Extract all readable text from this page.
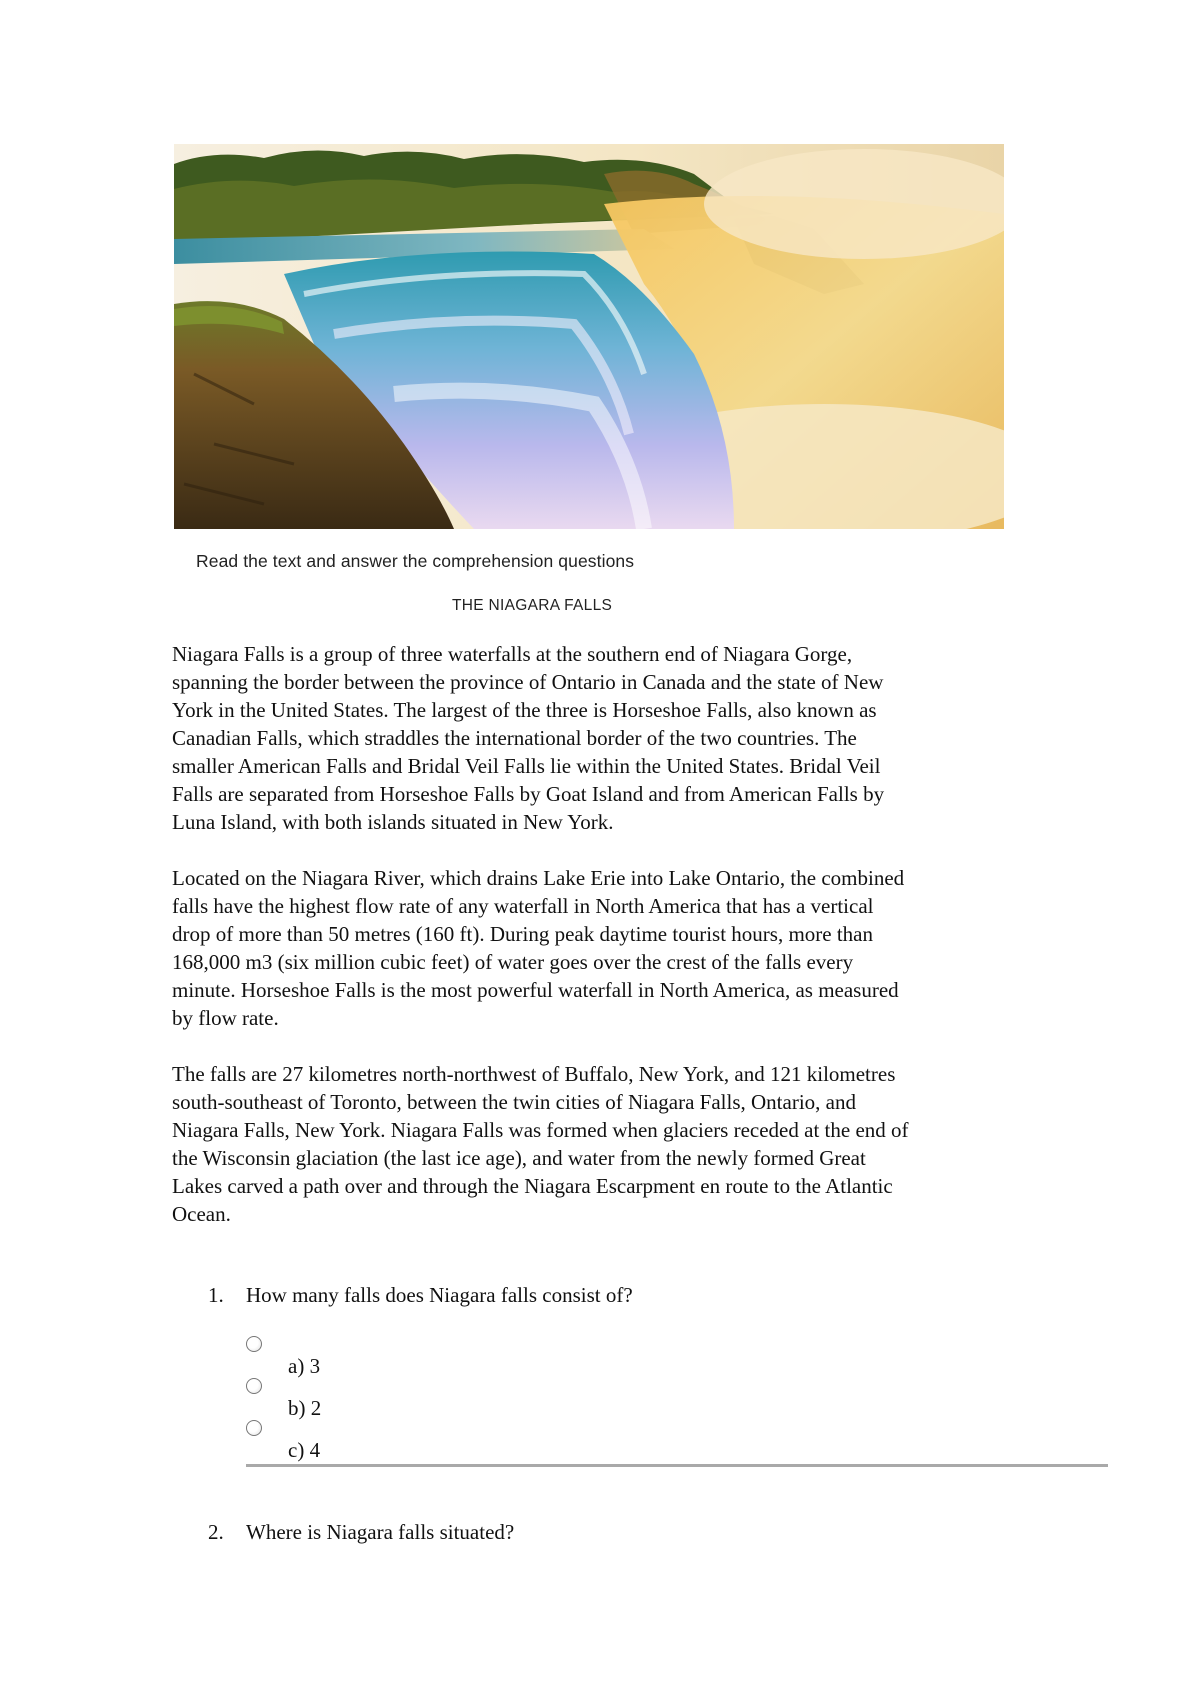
Read the text and answer the comprehension questions
THE NIAGARA FALLS
Niagara Falls is a group of three waterfalls at the southern end of Niagara Gorge,
spanning the border between the province of Ontario in Canada and the state of New
York in the United States. The largest of the three is Horseshoe Falls, also known as
Canadian Falls, which straddles the international border of the two countries. The
smaller American Falls and Bridal Veil Falls lie within the United States. Bridal Veil
Falls are separated from Horseshoe Falls by Goat Island and from American Falls by
Luna Island, with both islands situated in New York.
Located on the Niagara River, which drains Lake Erie into Lake Ontario, the combined
falls have the highest flow rate of any waterfall in North America that has a vertical
drop of more than 50 metres (160 ft). During peak daytime tourist hours, more than
168,000 m3 (six million cubic feet) of water goes over the crest of the falls every
minute. Horseshoe Falls is the most powerful waterfall in North America, as measured
by flow rate.
The falls are 27 kilometres north-northwest of Buffalo, New York, and 121 kilometres
south-southeast of Toronto, between the twin cities of Niagara Falls, Ontario, and
Niagara Falls, New York. Niagara Falls was formed when glaciers receded at the end of
the Wisconsin glaciation (the last ice age), and water from the newly formed Great
Lakes carved a path over and through the Niagara Escarpment en route to the Atlantic
Ocean.
1. How many falls does Niagara falls consist of?
a) 3
b) 2
c) 4
2. Where is Niagara falls situated?
